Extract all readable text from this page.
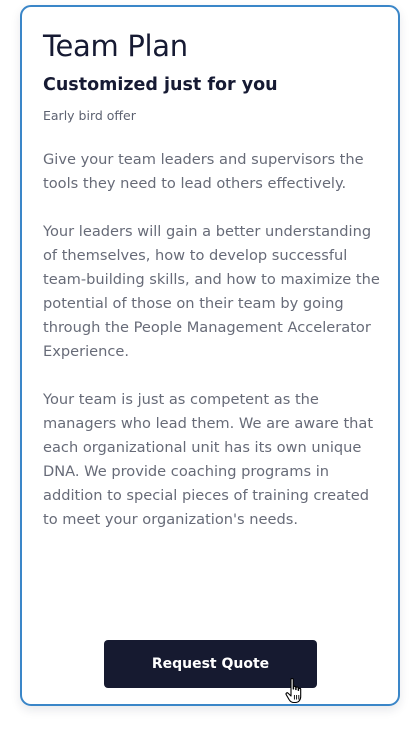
Team Plan
Customized just for you

Early bird offer

Give your team leaders and supervisors the tools they need to lead others effectively.

Your leaders will gain a better understanding of themselves, how to develop successful team-building skills, and how to maximize the potential of those on their team by going through the People Management Accelerator Experience.

Your team is just as competent as the managers who lead them. We are aware that each organizational unit has its own unique DNA. We provide coaching programs in addition to special pieces of training created to meet your organization's needs.

Request Quote
